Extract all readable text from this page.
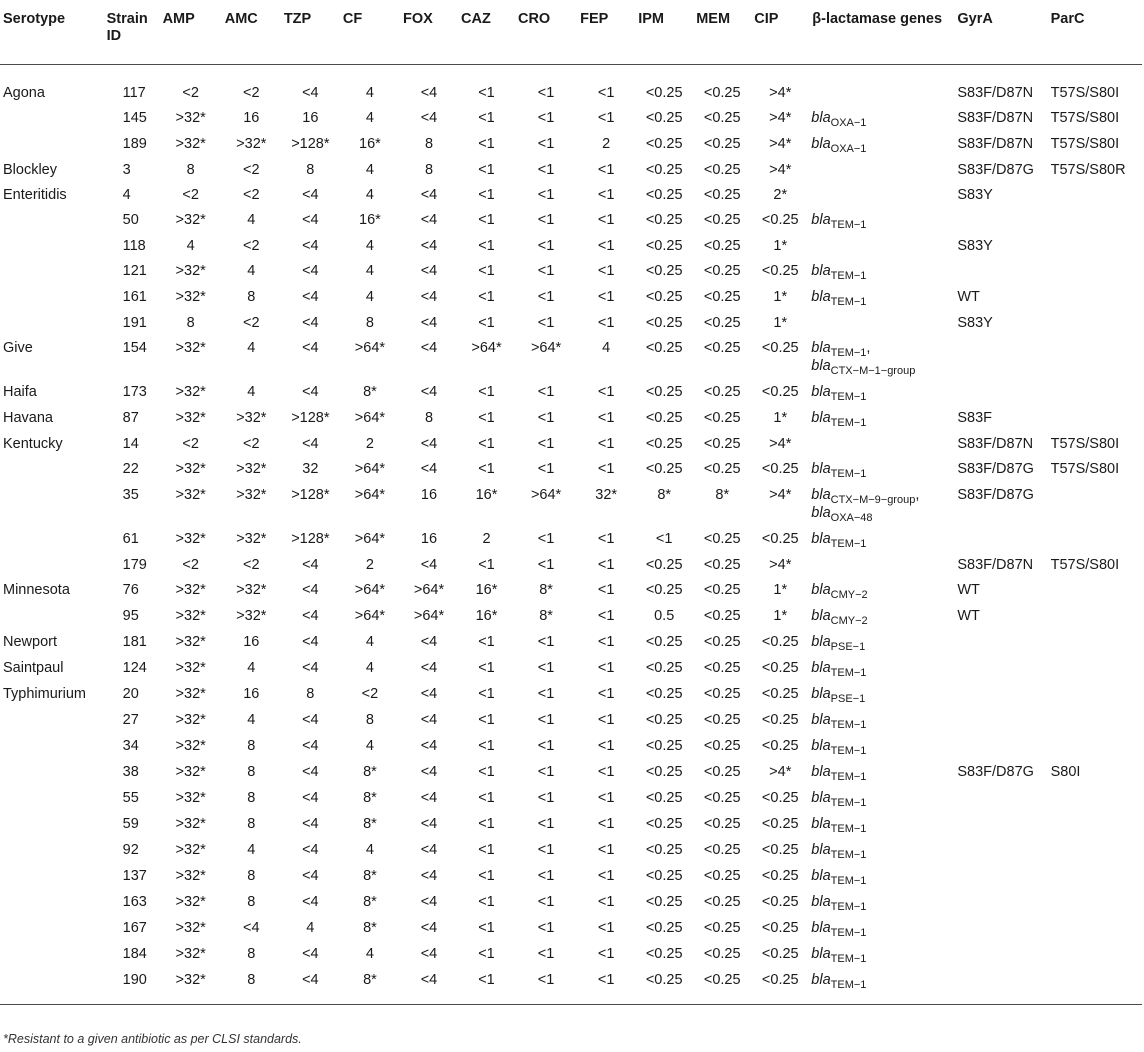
Serotype	Strain ID	AMP	AMC	TZP	CF	FOX	CAZ	CRO	FEP	IPM	MEM	CIP	β-lactamase genes	GyrA	ParC
Agona	117	<2	<2	<4	4	<4	<1	<1	<1	<0.25	<0.25	>4*		S83F/D87N	T57S/S80I
	145	>32*	16	16	4	<4	<1	<1	<1	<0.25	<0.25	>4*	bla$_{OXA-1}$	S83F/D87N	T57S/S80I
	189	>32*	>32*	>128*	16*	8	<1	<1	2	<0.25	<0.25	>4*	bla$_{OXA-1}$	S83F/D87N	T57S/S80I
Blockley	3	8	<2	8	4	8	<1	<1	<1	<0.25	<0.25	>4*		S83F/D87G	T57S/S80R
Enteritidis	4	<2	<2	<4	4	<4	<1	<1	<1	<0.25	<0.25	2*		S83Y	
	50	>32*	4	<4	16*	<4	<1	<1	<1	<0.25	<0.25	<0.25	bla$_{TEM-1}$

	118	4	<2	<4	4	<4	<1	<1	<1	<0.25	<0.25	1*		S83Y	
	121	>32*	4	<4	4	<4	<1	<1	<1	<0.25	<0.25	<0.25	bla$_{TEM-1}$

	161	>32*	8	<4	4	<4	<1	<1	<1	<0.25	<0.25	1*	bla$_{TEM-1}$	WT	
	191	8	<2	<4	8	<4	<1	<1	<1	<0.25	<0.25	1*		S83Y	
Give	154	>32*	4	<4	>64*	<4	>64*	>64*	4	<0.25	<0.25	<0.25	bla$_{TEM-1}$,
bla$_{CTX-M-1-group}$

Haifa	173	>32*	4	<4	8*	<4	<1	<1	<1	<0.25	<0.25	<0.25	bla$_{TEM-1}$

Havana	87	>32*	>32*	>128*	>64*	8	<1	<1	<1	<0.25	<0.25	1*	bla$_{TEM-1}$	S83F	
Kentucky	14	<2	<2	<4	2	<4	<1	<1	<1	<0.25	<0.25	>4*		S83F/D87N	T57S/S80I
	22	>32*	>32*	32	>64*	<4	<1	<1	<1	<0.25	<0.25	<0.25	bla$_{TEM-1}$	S83F/D87G	T57S/S80I
	35	>32*	>32*	>128*	>64*	16	16*	>64*	32*	8*	8*	>4*	bla$_{CTX-M-9-group}$,
bla$_{OXA-48}$	S83F/D87G	
	61	>32*	>32*	>128*	>64*	16	2	<1	<1	<1	<0.25	<0.25	bla$_{TEM-1}$

	179	<2	<2	<4	2	<4	<1	<1	<1	<0.25	<0.25	>4*		S83F/D87N	T57S/S80I
Minnesota	76	>32*	>32*	<4	>64*	>64*	16*	8*	<1	<0.25	<0.25	1*	bla$_{CMY-2}$	WT	
	95	>32*	>32*	<4	>64*	>64*	16*	8*	<1	0.5	<0.25	1*	bla$_{CMY-2}$	WT	
Newport	181	>32*	16	<4	4	<4	<1	<1	<1	<0.25	<0.25	<0.25	bla$_{PSE-1}$

Saintpaul	124	>32*	4	<4	4	<4	<1	<1	<1	<0.25	<0.25	<0.25	bla$_{TEM-1}$

Typhimurium	20	>32*	16	8	<2	<4	<1	<1	<1	<0.25	<0.25	<0.25	bla$_{PSE-1}$

	27	>32*	4	<4	8	<4	<1	<1	<1	<0.25	<0.25	<0.25	bla$_{TEM-1}$

	34	>32*	8	<4	4	<4	<1	<1	<1	<0.25	<0.25	<0.25	bla$_{TEM-1}$

	38	>32*	8	<4	8*	<4	<1	<1	<1	<0.25	<0.25	>4*	bla$_{TEM-1}$	S83F/D87G	S80I
	55	>32*	8	<4	8*	<4	<1	<1	<1	<0.25	<0.25	<0.25	bla$_{TEM-1}$

	59	>32*	8	<4	8*	<4	<1	<1	<1	<0.25	<0.25	<0.25	bla$_{TEM-1}$

	92	>32*	4	<4	4	<4	<1	<1	<1	<0.25	<0.25	<0.25	bla$_{TEM-1}$

	137	>32*	8	<4	8*	<4	<1	<1	<1	<0.25	<0.25	<0.25	bla$_{TEM-1}$

	163	>32*	8	<4	8*	<4	<1	<1	<1	<0.25	<0.25	<0.25	bla$_{TEM-1}$

	167	>32*	<4	4	8*	<4	<1	<1	<1	<0.25	<0.25	<0.25	bla$_{TEM-1}$

	184	>32*	8	<4	4	<4	<1	<1	<1	<0.25	<0.25	<0.25	bla$_{TEM-1}$

	190	>32*	8	<4	8*	<4	<1	<1	<1	<0.25	<0.25	<0.25	bla$_{TEM-1}$

*Resistant to a given antibiotic as per CLSI standards.
